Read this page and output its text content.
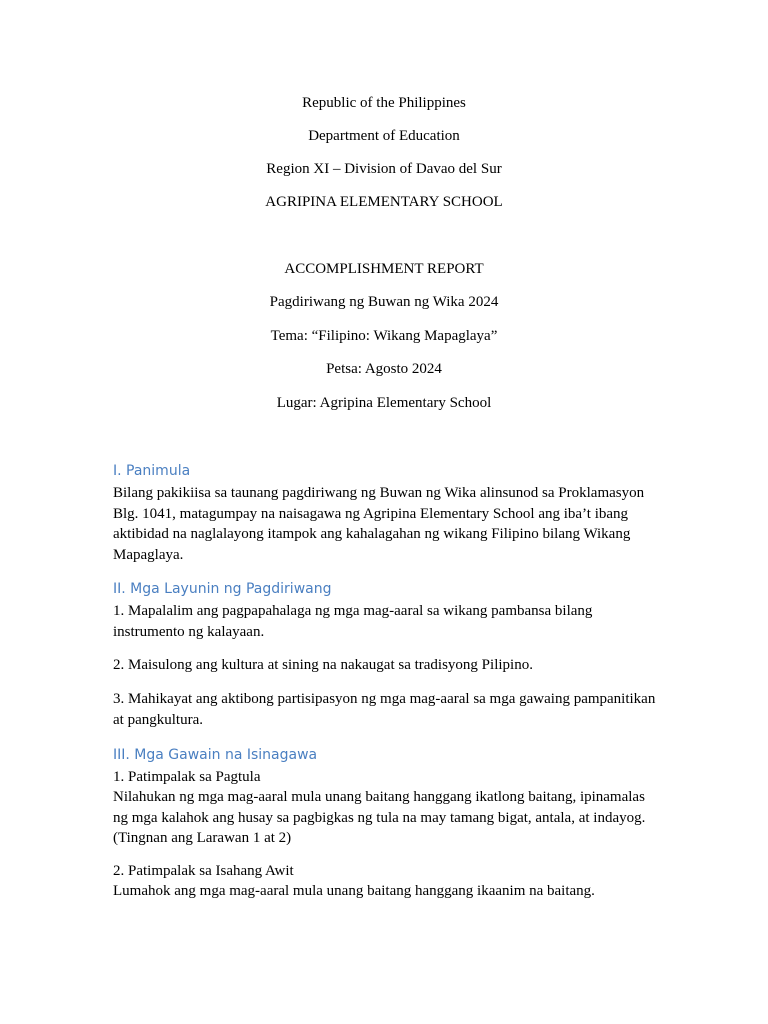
Republic of the Philippines
Department of Education
Region XI – Division of Davao del Sur
AGRIPINA ELEMENTARY SCHOOL
ACCOMPLISHMENT REPORT
Pagdiriwang ng Buwan ng Wika 2024
Tema: “Filipino: Wikang Mapaglaya”
Petsa: Agosto 2024
Lugar: Agripina Elementary School
I. Panimula
Bilang pakikiisa sa taunang pagdiriwang ng Buwan ng Wika alinsunod sa Proklamasyon Blg. 1041, matagumpay na naisagawa ng Agripina Elementary School ang iba’t ibang aktibidad na naglalayong itampok ang kahalagahan ng wikang Filipino bilang Wikang Mapaglaya.
II. Mga Layunin ng Pagdiriwang
1. Mapalalim ang pagpapahalaga ng mga mag-aaral sa wikang pambansa bilang instrumento ng kalayaan.
2. Maisulong ang kultura at sining na nakaugat sa tradisyong Pilipino.
3. Mahikayat ang aktibong partisipasyon ng mga mag-aaral sa mga gawaing pampanitikan at pangkultura.
III. Mga Gawain na Isinagawa
1. Patimpalak sa Pagtula
Nilahukan ng mga mag-aaral mula unang baitang hanggang ikatlong baitang, ipinamalas ng mga kalahok ang husay sa pagbigkas ng tula na may tamang bigat, antala, at indayog. (Tingnan ang Larawan 1 at 2)
2. Patimpalak sa Isahang Awit
Lumahok ang mga mag-aaral mula unang baitang hanggang ikaanim na baitang.
